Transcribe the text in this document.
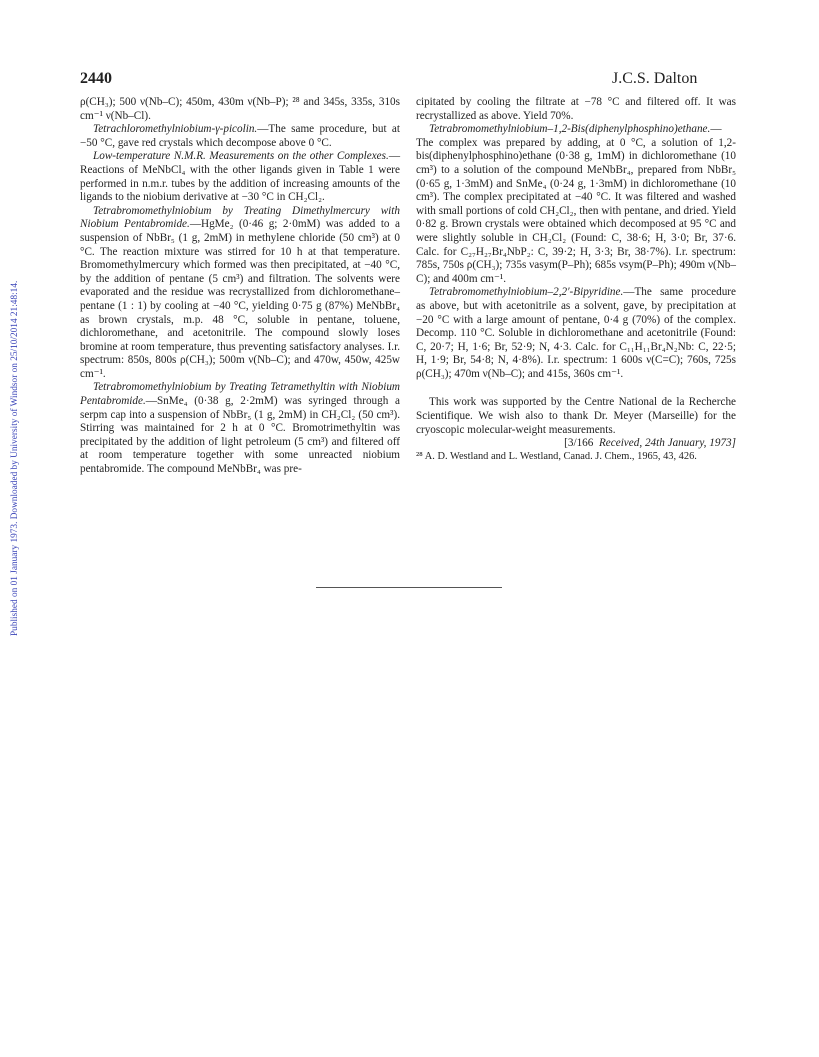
Published on 01 January 1973. Downloaded by University of Windsor on 25/10/2014 21:48:14.
2440	J.C.S. Dalton

ρ(CH₃); 500 ν(Nb–C); 450m, 430m ν(Nb–P); ²⁸ and 345s, 335s, 310s cm⁻¹ ν(Nb–Cl).

Tetrachloromethylniobium-γ-picolin.—The same procedure, but at −50 °C, gave red crystals which decompose above 0 °C.

Low-temperature N.M.R. Measurements on the other Complexes.—Reactions of MeNbCl₄ with the other ligands given in Table 1 were performed in n.m.r. tubes by the addition of increasing amounts of the ligands to the niobium derivative at −30 °C in CH₂Cl₂.

Tetrabromomethylniobium by Treating Dimethylmercury with Niobium Pentabromide.—HgMe₂ (0·46 g; 2·0mM) was added to a suspension of NbBr₅ (1 g, 2mM) in methylene chloride (50 cm³) at 0 °C. The reaction mixture was stirred for 10 h at that temperature. Bromomethylmercury which formed was then precipitated, at −40 °C, by the addition of pentane (5 cm³) and filtration. The solvents were evaporated and the residue was recrystallized from dichloromethane–pentane (1 : 1) by cooling at −40 °C, yielding 0·75 g (87%) MeNbBr₄ as brown crystals, m.p. 48 °C, soluble in pentane, toluene, dichloromethane, and acetonitrile. The compound slowly loses bromine at room temperature, thus preventing satisfactory analyses. I.r. spectrum: 850s, 800s ρ(CH₃); 500m ν(Nb–C); and 470w, 450w, 425w cm⁻¹.

Tetrabromomethylniobium by Treating Tetramethyltin with Niobium Pentabromide.—SnMe₄ (0·38 g, 2·2mM) was syringed through a serpm cap into a suspension of NbBr₅ (1 g, 2mM) in CH₂Cl₂ (50 cm³). Stirring was maintained for 2 h at 0 °C. Bromotrimethyltin was precipitated by the addition of light petroleum (5 cm³) and filtered off at room temperature together with some unreacted niobium pentabromide. The compound MeNbBr₄ was pre-

cipitated by cooling the filtrate at −78 °C and filtered off. It was recrystallized as above. Yield 70%.

Tetrabromomethylniobium–1,2-Bis(diphenylphosphino)ethane.—The complex was prepared by adding, at 0 °C, a solution of 1,2-bis(diphenylphosphino)ethane (0·38 g, 1mM) in dichloromethane (10 cm³) to a solution of the compound MeNbBr₄, prepared from NbBr₅ (0·65 g, 1·3mM) and SnMe₄ (0·24 g, 1·3mM) in dichloromethane (10 cm³). The complex precipitated at −40 °C. It was filtered and washed with small portions of cold CH₂Cl₂, then with pentane, and dried. Yield 0·82 g. Brown crystals were obtained which decomposed at 95 °C and were slightly soluble in CH₂Cl₂ (Found: C, 38·6; H, 3·0; Br, 37·6. Calc. for C₂₇H₂₇Br₄NbP₂: C, 39·2; H, 3·3; Br, 38·7%). I.r. spectrum: 785s, 750s ρ(CH₃); 735s νasym(P–Ph); 685s νsym(P–Ph); 490m ν(Nb–C); and 400m cm⁻¹.

Tetrabromomethylniobium–2,2′-Bipyridine.—The same procedure as above, but with acetonitrile as a solvent, gave, by precipitation at −20 °C with a large amount of pentane, 0·4 g (70%) of the complex. Decomp. 110 °C. Soluble in dichloromethane and acetonitrile (Found: C, 20·7; H, 1·6; Br, 52·9; N, 4·3. Calc. for C₁₁H₁₁Br₄N₂Nb: C, 22·5; H, 1·9; Br, 54·8; N, 4·8%). I.r. spectrum: 1 600s ν(C=C); 760s, 725s ρ(CH₃); 470m ν(Nb–C); and 415s, 360s cm⁻¹.

This work was supported by the Centre National de la Recherche Scientifique. We wish also to thank Dr. Meyer (Marseille) for the cryoscopic molecular-weight measurements.

[3/166 Received, 24th January, 1973]

²⁸ A. D. Westland and L. Westland, Canad. J. Chem., 1965, 43, 426.
